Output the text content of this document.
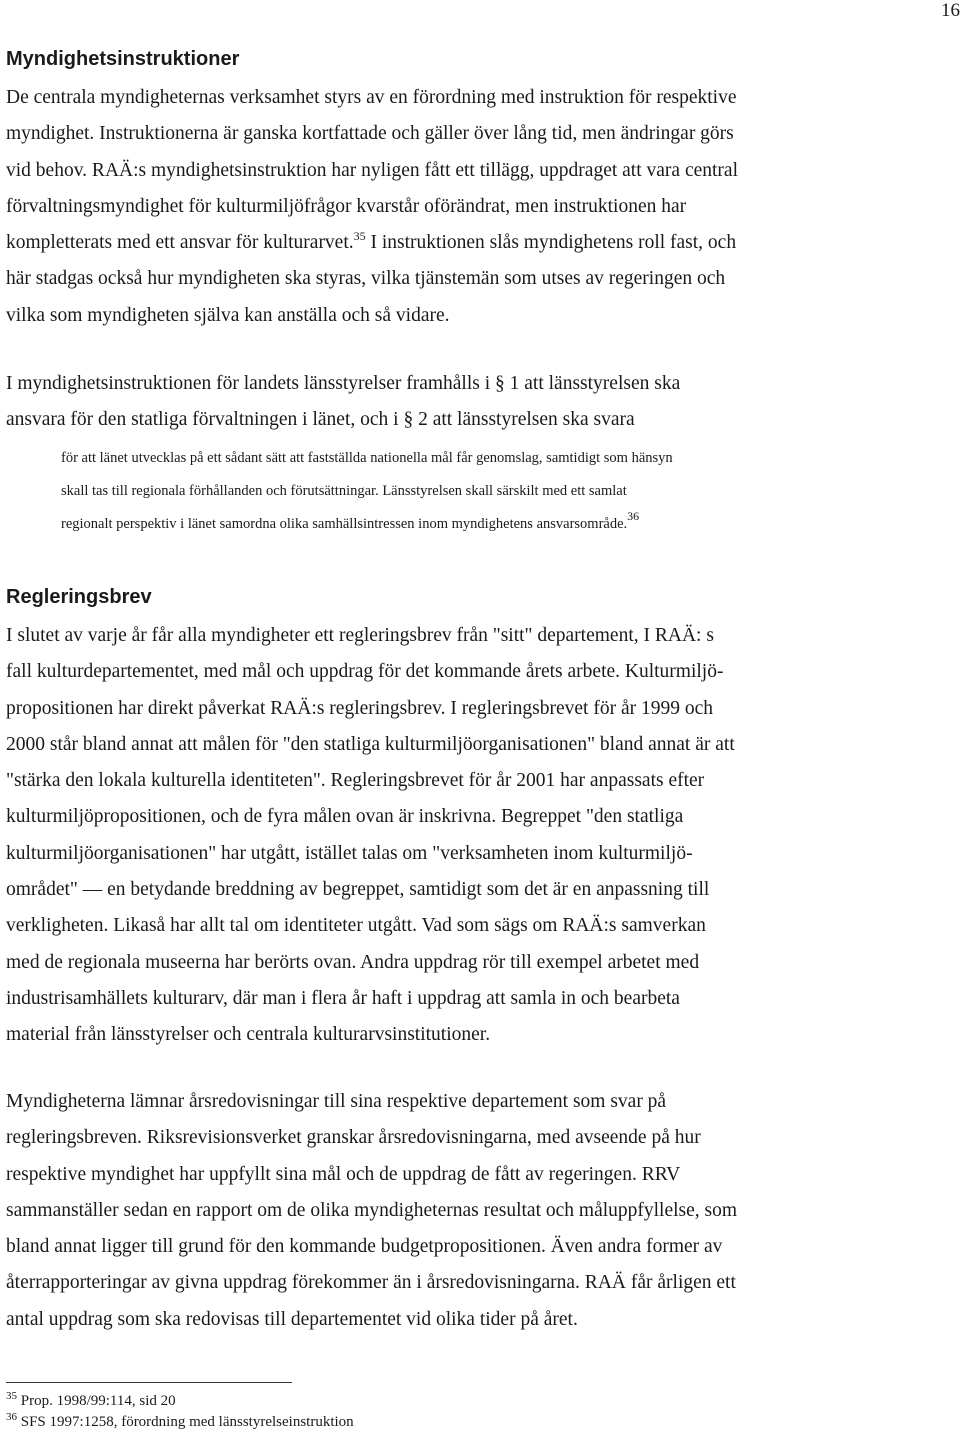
16
Myndighetsinstruktioner
De centrala myndigheternas verksamhet styrs av en förordning med instruktion för respektive
myndighet. Instruktionerna är ganska kortfattade och gäller över lång tid, men ändringar görs
vid behov. RAÄ:s myndighetsinstruktion har nyligen fått ett tillägg, uppdraget att vara central
förvaltningsmyndighet för kulturmiljöfrågor kvarstår oförändrat, men instruktionen har
kompletterats med ett ansvar för kulturarvet.$^{35}$ I instruktionen slås myndighetens roll fast, och
här stadgas också hur myndigheten ska styras, vilka tjänstemän som utses av regeringen och
vilka som myndigheten själva kan anställa och så vidare.
I myndighetsinstruktionen för landets länsstyrelser framhålls i § 1 att länsstyrelsen ska
ansvara för den statliga förvaltningen i länet, och i § 2 att länsstyrelsen ska svara
för att länet utvecklas på ett sådant sätt att fastställda nationella mål får genomslag, samtidigt som hänsyn
skall tas till regionala förhållanden och förutsättningar. Länsstyrelsen skall särskilt med ett samlat
regionalt perspektiv i länet samordna olika samhällsintressen inom myndighetens ansvarsområde.$^{36}$
Regleringsbrev
I slutet av varje år får alla myndigheter ett regleringsbrev från "sitt" departement, I RAÄ: s
fall kulturdepartementet, med mål och uppdrag för det kommande årets arbete. Kulturmiljö-
propositionen har direkt påverkat RAÄ:s regleringsbrev. I regleringsbrevet för år 1999 och
2000 står bland annat att målen för "den statliga kulturmiljöorganisationen" bland annat är att
"stärka den lokala kulturella identiteten". Regleringsbrevet för år 2001 har anpassats efter
kulturmiljöpropositionen, och de fyra målen ovan är inskrivna. Begreppet "den statliga
kulturmiljöorganisationen" har utgått, istället talas om "verksamheten inom kulturmiljö-
området" — en betydande breddning av begreppet, samtidigt som det är en anpassning till
verkligheten. Likaså har allt tal om identiteter utgått. Vad som sägs om RAÄ:s samverkan
med de regionala museerna har berörts ovan. Andra uppdrag rör till exempel arbetet med
industrisamhällets kulturarv, där man i flera år haft i uppdrag att samla in och bearbeta
material från länsstyrelser och centrala kulturarvsinstitutioner.
Myndigheterna lämnar årsredovisningar till sina respektive departement som svar på
regleringsbreven. Riksrevisionsverket granskar årsredovisningarna, med avseende på hur
respektive myndighet har uppfyllt sina mål och de uppdrag de fått av regeringen. RRV
sammanställer sedan en rapport om de olika myndigheternas resultat och måluppfyllelse, som
bland annat ligger till grund för den kommande budgetpropositionen. Även andra former av
återrapporteringar av givna uppdrag förekommer än i årsredovisningarna. RAÄ får årligen ett
antal uppdrag som ska redovisas till departementet vid olika tider på året.
$^{35}$ Prop. 1998/99:114, sid 20
$^{36}$ SFS 1997:1258, förordning med länsstyrelseinstruktion
